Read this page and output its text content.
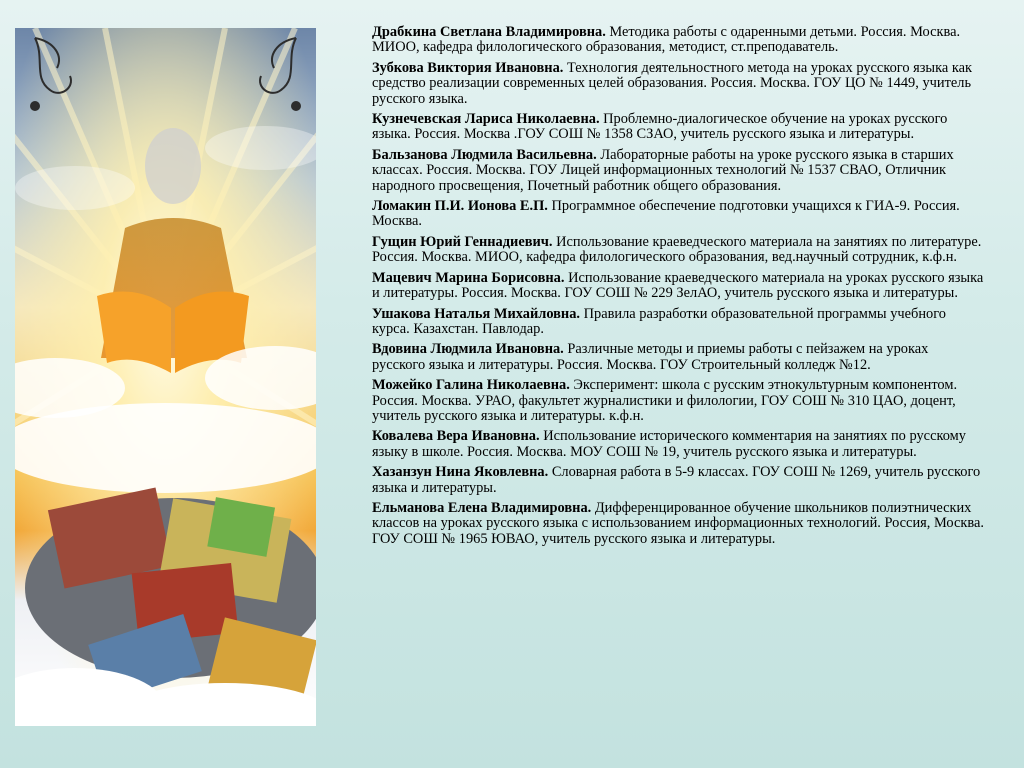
Драбкина Светлана Владимировна. Методика работы с одаренными детьми. Россия. Москва. МИОО, кафедра филологического образования, методист, ст.преподаватель.
Зубкова Виктория Ивановна. Технология деятельностного метода на уроках русского языка как средство реализации современных целей образования. Россия. Москва. ГОУ ЦО № 1449, учитель русского языка.
Кузнечевская Лариса Николаевна. Проблемно-диалогическое обучение на уроках русского языка. Россия. Москва .ГОУ СОШ № 1358 СЗАО, учитель русского языка и литературы.
Бальзанова Людмила Васильевна. Лабораторные работы на уроке русского языка в старших классах. Россия. Москва. ГОУ Лицей информационных технологий № 1537 СВАО, Отличник народного просвещения, Почетный работник общего образования.
Ломакин П.И. Ионова Е.П. Программное обеспечение подготовки учащихся к ГИА-9. Россия. Москва.
Гущин Юрий Геннадиевич. Использование краеведческого материала на занятиях по литературе. Россия. Москва. МИОО, кафедра филологического образования, вед.научный сотрудник, к.ф.н.
Мацевич Марина Борисовна. Использование краеведческого материала на уроках русского языка и литературы. Россия. Москва. ГОУ СОШ № 229 ЗелАО, учитель русского языка и литературы.
Ушакова Наталья Михайловна. Правила разработки образовательной программы учебного курса. Казахстан. Павлодар.
Вдовина Людмила Ивановна. Различные методы и приемы работы с пейзажем на уроках русского языка и литературы. Россия. Москва. ГОУ Строительный колледж №12.
Можейко Галина Николаевна. Эксперимент: школа с русским этнокультурным компонентом. Россия. Москва. УРАО, факультет журналистики и филологии, ГОУ СОШ № 310 ЦАО, доцент, учитель русского языка и литературы. к.ф.н.
Ковалева Вера Ивановна. Использование исторического комментария на занятиях по русскому языку в школе. Россия. Москва. МОУ СОШ № 19, учитель русского языка и литературы.
Хазанзун Нина Яковлевна. Словарная работа в 5-9 классах. ГОУ СОШ № 1269, учитель русского языка и литературы.
Ельманова Елена Владимировна. Дифференцированное обучение школьников полиэтнических классов на уроках русского языка с использованием информационных технологий. Россия, Москва. ГОУ СОШ № 1965 ЮВАО, учитель русского языка и литературы.
